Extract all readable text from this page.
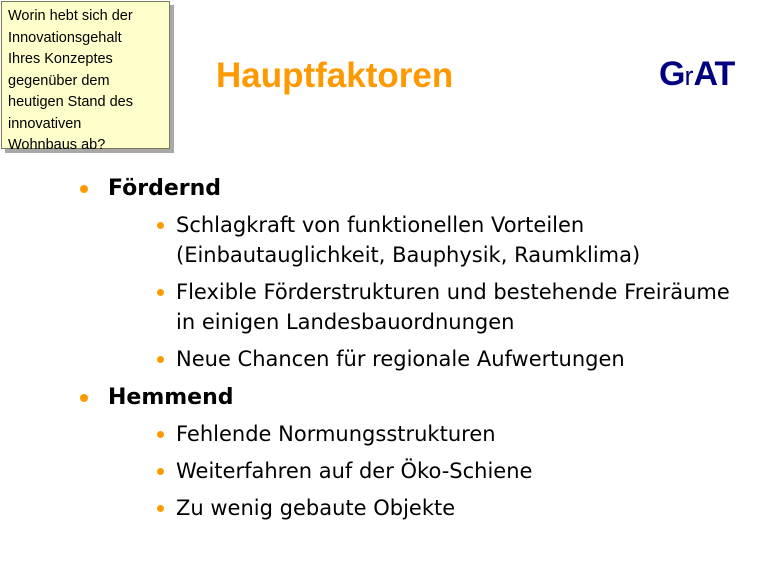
Worin hebt sich der
Innovationsgehalt
Ihres Konzeptes
gegenüber dem
heutigen Stand des
innovativen
Wohnbaus ab?
Hauptfaktoren	GrAT
Fördernd
Schlagkraft von funktionellen Vorteilen (Einbautauglichkeit, Bauphysik, Raumklima)
Flexible Förderstrukturen und bestehende Freiräume in einigen Landesbauordnungen
Neue Chancen für regionale Aufwertungen
Hemmend
Fehlende Normungsstrukturen
Weiterfahren auf der Öko-Schiene
Zu wenig gebaute Objekte
